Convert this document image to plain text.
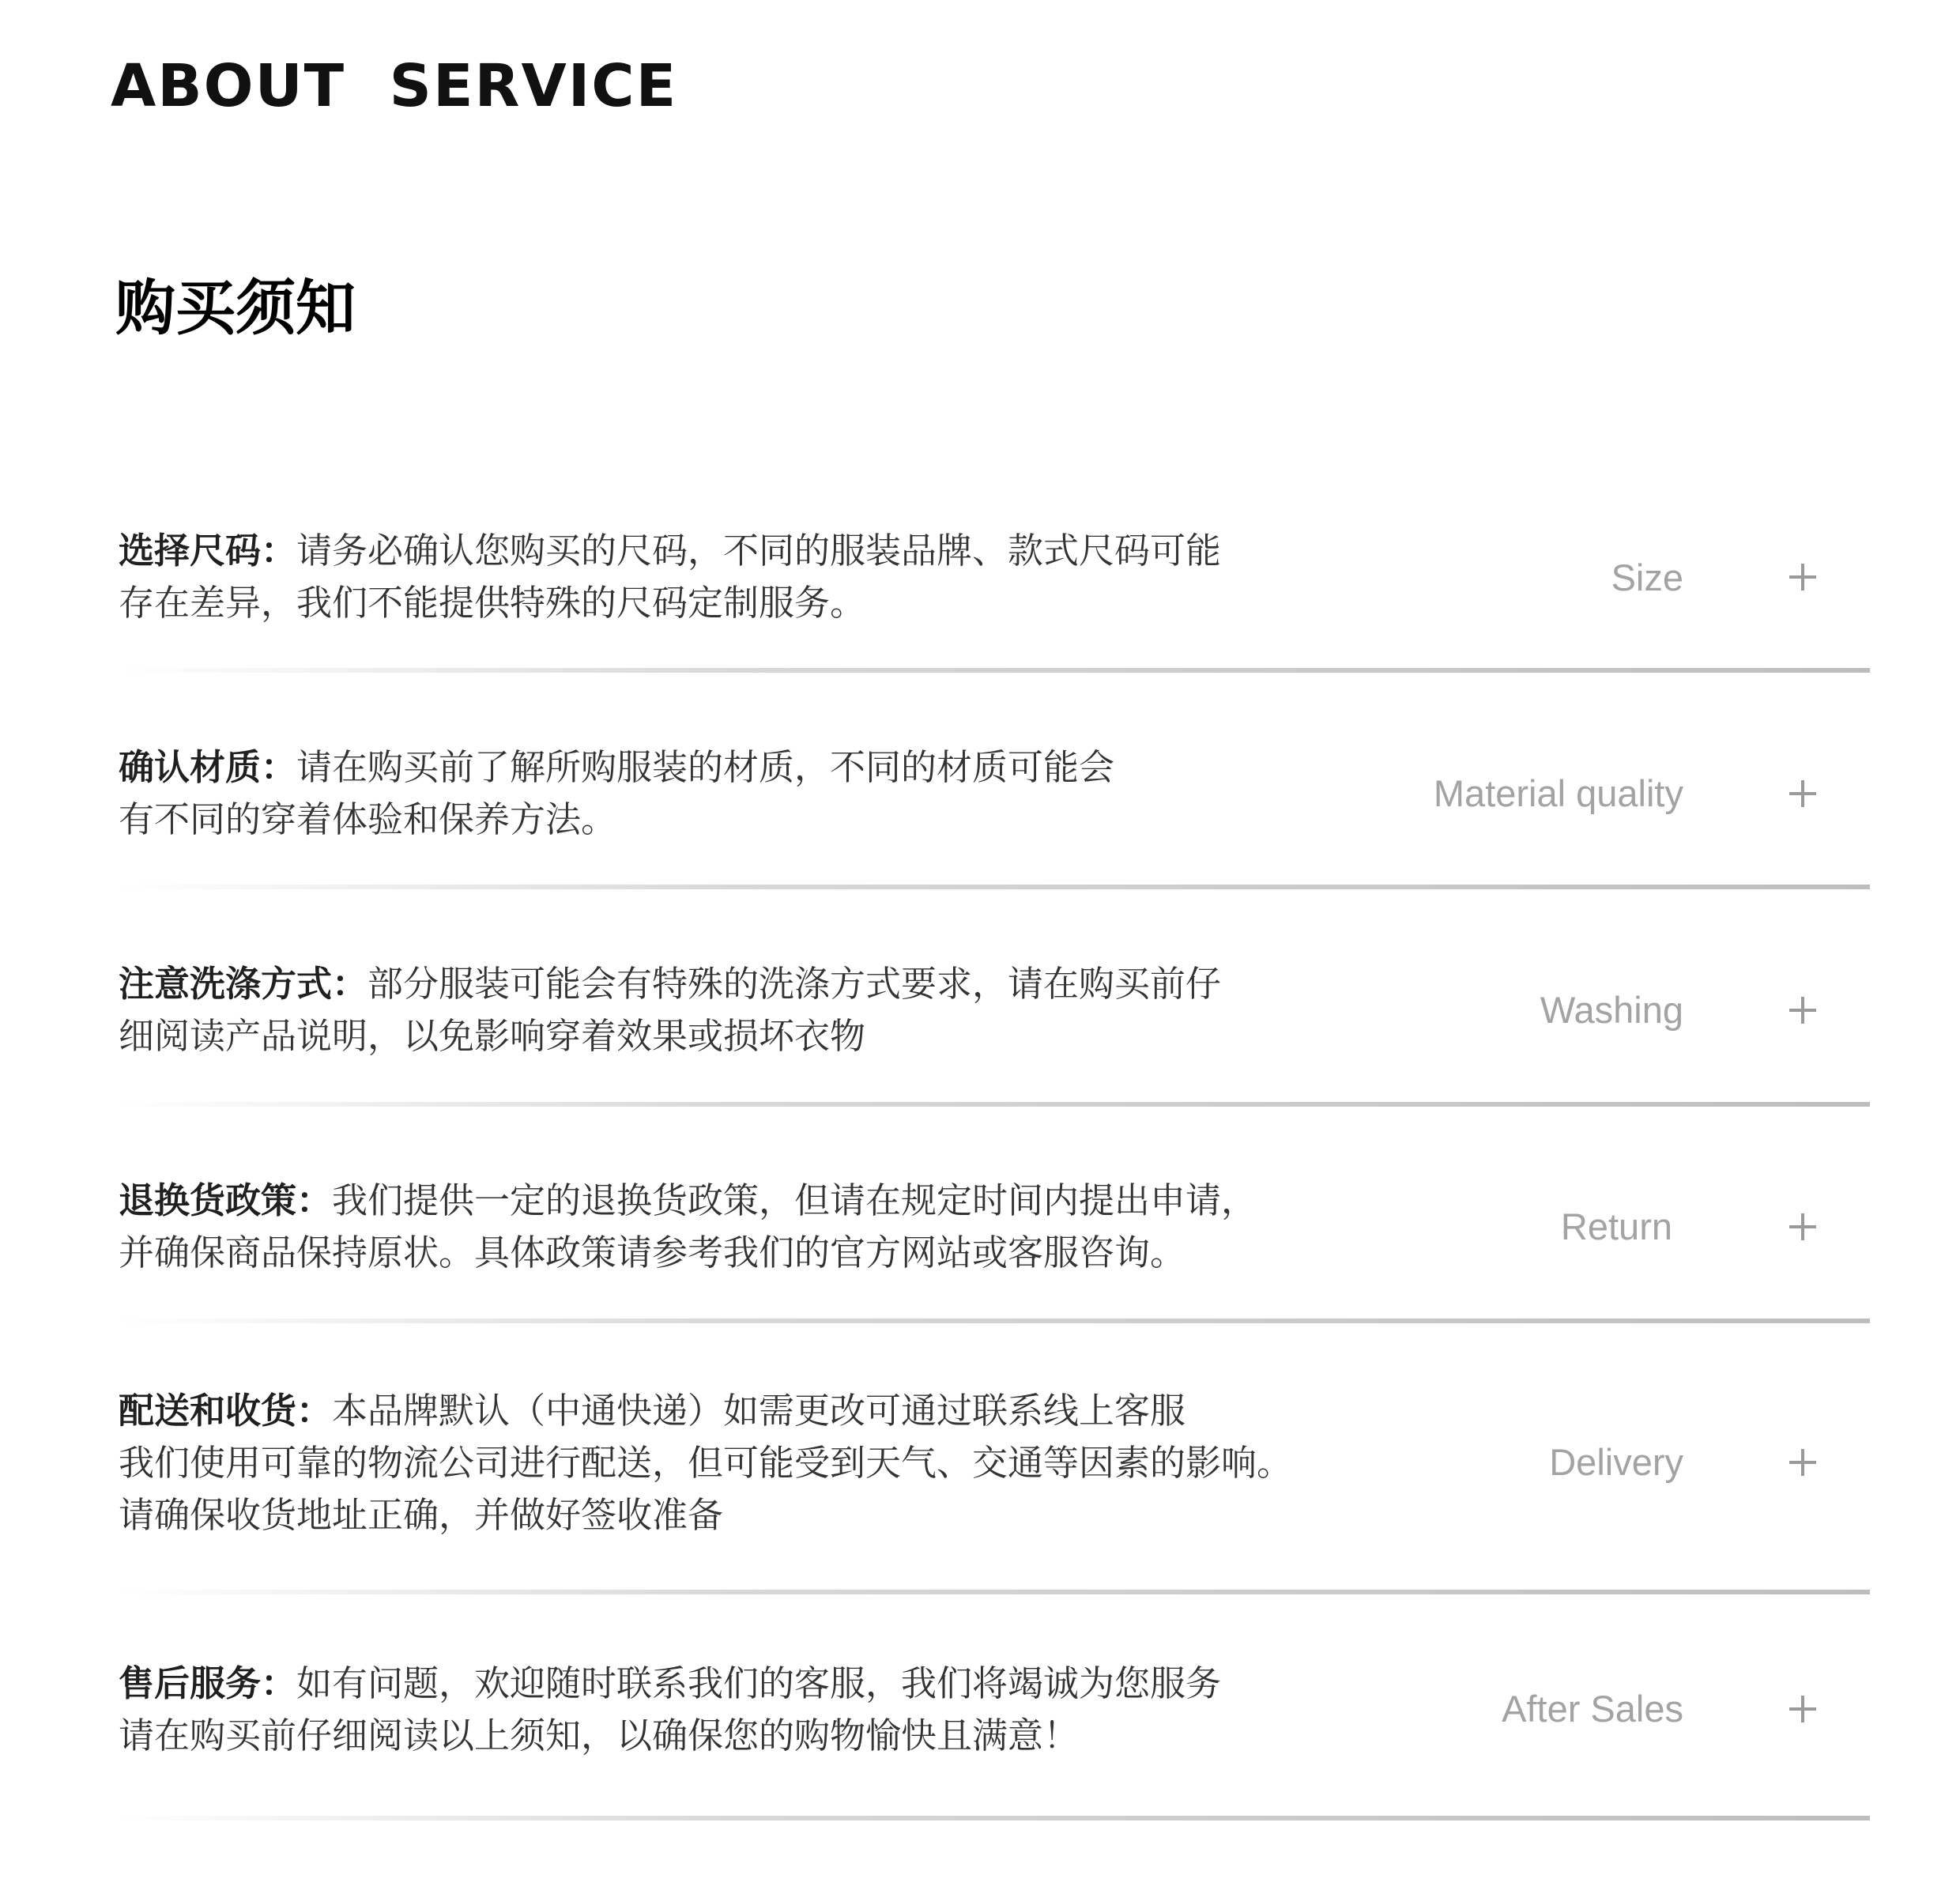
ABOUT  SERVICE
购买须知
选择尺码：请务必确认您购买的尺码，不同的服装品牌、款式尺码可能
存在差异，我们不能提供特殊的尺码定制服务。
Size
确认材质：请在购买前了解所购服装的材质，不同的材质可能会
有不同的穿着体验和保养方法。
Material quality
注意洗涤方式：部分服装可能会有特殊的洗涤方式要求，请在购买前仔
细阅读产品说明，以免影响穿着效果或损坏衣物
Washing
退换货政策：我们提供一定的退换货政策，但请在规定时间内提出申请，
并确保商品保持原状。具体政策请参考我们的官方网站或客服咨询。
Return
配送和收货：本品牌默认（中通快递）如需更改可通过联系线上客服
我们使用可靠的物流公司进行配送，但可能受到天气、交通等因素的影响。
请确保收货地址正确，并做好签收准备
Delivery
售后服务：如有问题，欢迎随时联系我们的客服，我们将竭诚为您服务
请在购买前仔细阅读以上须知，以确保您的购物愉快且满意！
After Sales
